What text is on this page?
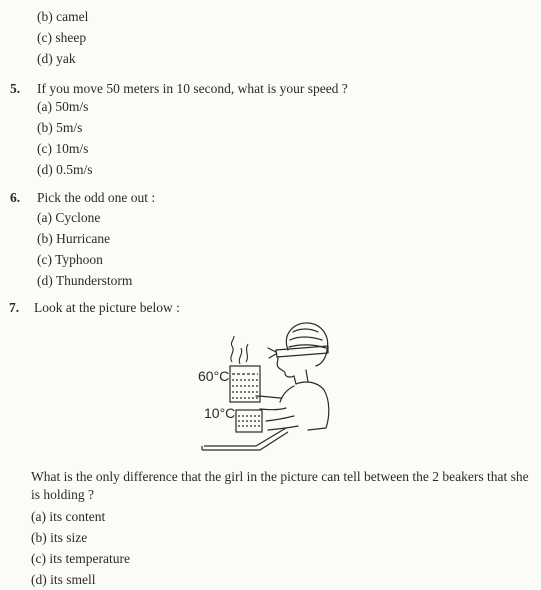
(b) camel
(c) sheep
(d) yak
5. If you move 50 meters in 10 second, what is your speed ?
(a) 50m/s
(b) 5m/s
(c) 10m/s
(d) 0.5m/s
6. Pick the odd one out :
(a) Cyclone
(b) Hurricane
(c) Typhoon
(d) Thunderstorm
7. Look at the picture below :
60°C
10°C
What is the only difference that the girl in the picture can tell between the 2 beakers that she
is holding ?
(a) its content
(b) its size
(c) its temperature
(d) its smell
